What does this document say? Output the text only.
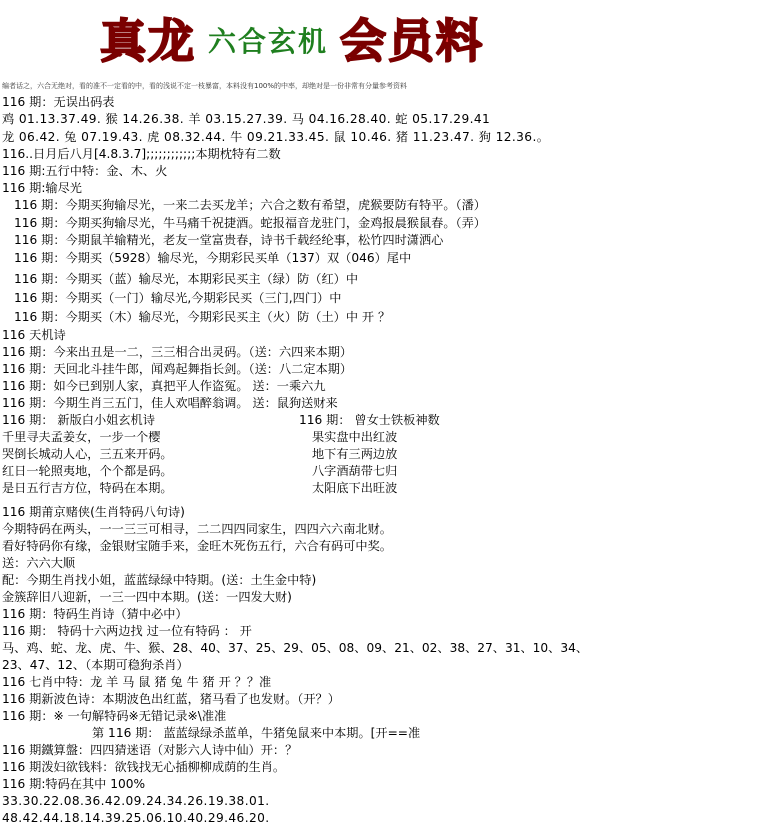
真龙 六合玄机 会员料
编者话之，六合无绝对，看的准不一定看的中，看的浅说不定一枝暴富，本料没有100%的中率，却绝对是一份非常有分量参考资料
116 期：无误出码表
鸡 01.13.37.49. 猴 14.26.38. 羊 03.15.27.39. 马 04.16.28.40. 蛇 05.17.29.41
龙 06.42. 兔 07.19.43. 虎 08.32.44. 牛 09.21.33.45. 鼠 10.46. 猪 11.23.47. 狗 12.36.。
116..日月后八月[4.8.3.7];;;;;;;;;;;;本期枕特有二数
116 期:五行中特：金、木、火
116 期:输尽光
116 期：今期买狗输尽光，一来二去买龙羊；六合之数有希望，虎猴要防有特平。（潘）
116 期：今期买狗输尽光，牛马痛千祝捷酒。蛇报福音龙驻门，金鸡报晨猴鼠春。（弄）
116 期：今期鼠羊输精光，老友一堂富贵春，诗书千载经纶事，松竹四时潇洒心
116 期：今期买（5928）输尽光，今期彩民买单（137）双（046）尾中
116 期：今期买（蓝）输尽光，本期彩民买主（绿）防（红）中
116 期：今期买（一门）输尽光,今期彩民买（三门,四门）中
116 期：今期买（木）输尽光，今期彩民买主（火）防（土）中 开 ？
116 天机诗
116 期：今来出丑是一二，三三相合出灵码。（送：六四来本期）
116 期：天回北斗挂牛郎，闻鸡起舞指长剑。（送：八二定本期）
116 期：如今已到别人家，真把平人作盗冤。 送：一乘六九
116 期：今期生肖三五门，佳人欢唱醉翁调。 送：鼠狗送财来
116 期： 新版白小姐玄机诗
千里寻夫孟姜女，一步一个樱
哭倒长城动人心，三五来开码。
红日一轮照夷地，个个都是码。
是日五行吉方位，特码在本期。
116 期： 曾女士铁板神数
果实盘中出红波
地下有三两边放
八字酒葫带七归
太阳底下出旺波
116 期莆京赌侠(生肖特码八句诗)
今期特码在两头，一一三三可相寻，二二四四同家生，四四六六南北财。
看好特码你有缘，金银财宝随手来，金旺木死伤五行，六合有码可中奖。
送：六六大顺
配：今期生肖找小姐，蓝蓝绿绿中特期。(送：土生金中特)
金簇辞旧八迎新，一三一四中本期。(送：一四发大财)
116 期：特码生肖诗（猜中必中）
116 期： 特码十六两边找 过一位有特码 ： 开
马、鸡、蛇、龙、虎、牛、猴、28、40、37、25、29、05、08、09、21、02、38、27、31、10、34、
23、47、12、（本期可稳狗杀肖）
116 七肖中特：龙 羊 马 鼠 猪 兔 牛 猪 开 ？？准
116 期新波色诗：本期波色出红蓝，猪马看了也发财。（开？）
116 期：※ 一句解特码※无错记录※\准准
第 116 期： 蓝蓝绿绿杀蓝单，牛猪兔鼠来中本期。[开==准
116 期鐵算盤：四四猜迷语（对影六人诗中仙）开：？
116 期泼妇欲钱料：欲钱找无心插柳柳成荫的生肖。
116 期:特码在其中 100%
33.30.22.08.36.42.09.24.34.26.19.38.01.
48.42.44.18.14.39.25.06.10.40.29.46.20.
